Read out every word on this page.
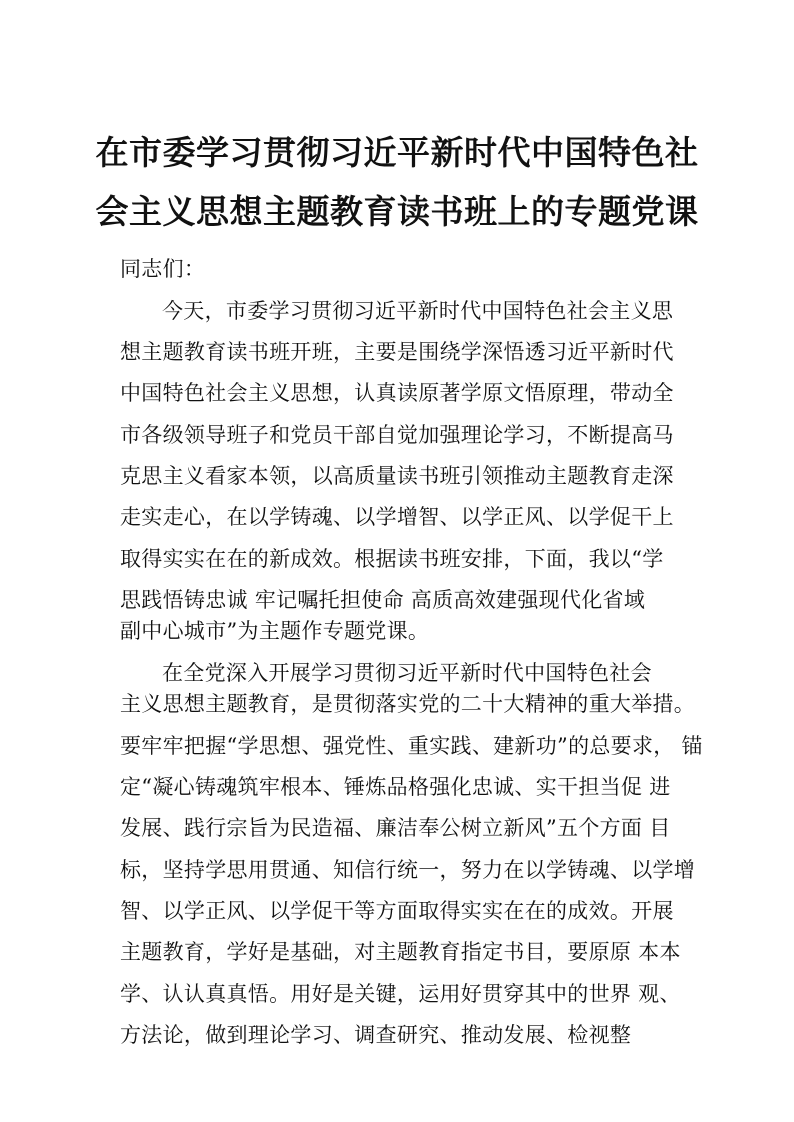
在市委学习贯彻习近平新时代中国特色社
会主义思想主题教育读书班上的专题党课
同志们：
今天，市委学习贯彻习近平新时代中国特色社会主义思
想主题教育读书班开班，主要是围绕学深悟透习近平新时代
中国特色社会主义思想，认真读原著学原文悟原理，带动全
市各级领导班子和党员干部自觉加强理论学习，不断提高马
克思主义看家本领，以高质量读书班引领推动主题教育走深
走实走心，在以学铸魂、以学增智、以学正风、以学促干上
取得实实在在的新成效。根据读书班安排，下面，我以“学
思践悟铸忠诚 牢记嘱托担使命 高质高效建强现代化省域
副中心城市”为主题作专题党课。
在全党深入开展学习贯彻习近平新时代中国特色社会
主义思想主题教育，是贯彻落实党的二十大精神的重大举措。
要牢牢把握“学思想、强党性、重实践、建新功”的总要求， 锚
定“凝心铸魂筑牢根本、锤炼品格强化忠诚、实干担当促 进
发展、践行宗旨为民造福、廉洁奉公树立新风”五个方面 目
标，坚持学思用贯通、知信行统一，努力在以学铸魂、以学增
智、以学正风、以学促干等方面取得实实在在的成效。开展
主题教育，学好是基础，对主题教育指定书目，要原原 本本
学、认认真真悟。用好是关键，运用好贯穿其中的世界 观、
方法论，做到理论学习、调查研究、推动发展、检视整
